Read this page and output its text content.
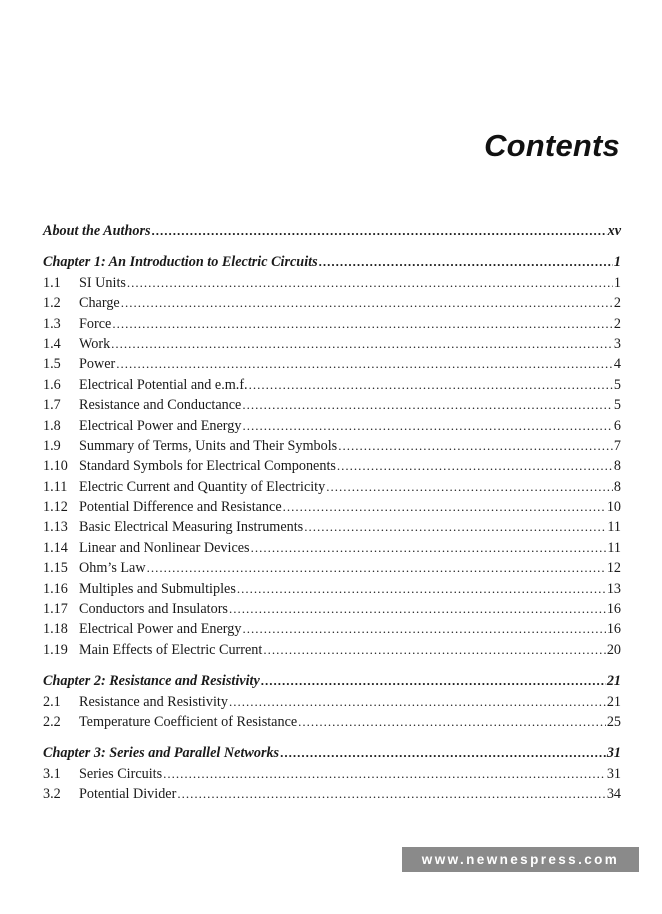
Contents
About the Authors .....	xv
Chapter 1: An Introduction to Electric Circuits .....	1
1.1	SI Units .....	1
1.2	Charge .....	2
1.3	Force .....	2
1.4	Work .....	3
1.5	Power .....	4
1.6	Electrical Potential and e.m.f. .....	5
1.7	Resistance and Conductance .....	5
1.8	Electrical Power and Energy .....	6
1.9	Summary of Terms, Units and Their Symbols .....	7
1.10 Standard Symbols for Electrical Components .....	8
1.11 Electric Current and Quantity of Electricity .....	8
1.12 Potential Difference and Resistance .....	10
1.13 Basic Electrical Measuring Instruments .....	11
1.14 Linear and Nonlinear Devices .....	11
1.15 Ohm’s Law .....	12
1.16 Multiples and Submultiples .....	13
1.17 Conductors and Insulators .....	16
1.18 Electrical Power and Energy .....	16
1.19 Main Effects of Electric Current .....	20
Chapter 2: Resistance and Resistivity .....	21
2.1	Resistance and Resistivity .....	21
2.2	Temperature Coefficient of Resistance .....	25
Chapter 3: Series and Parallel Networks .....	31
3.1	Series Circuits .....	31
3.2	Potential Divider .....	34
www.newnespress.com
